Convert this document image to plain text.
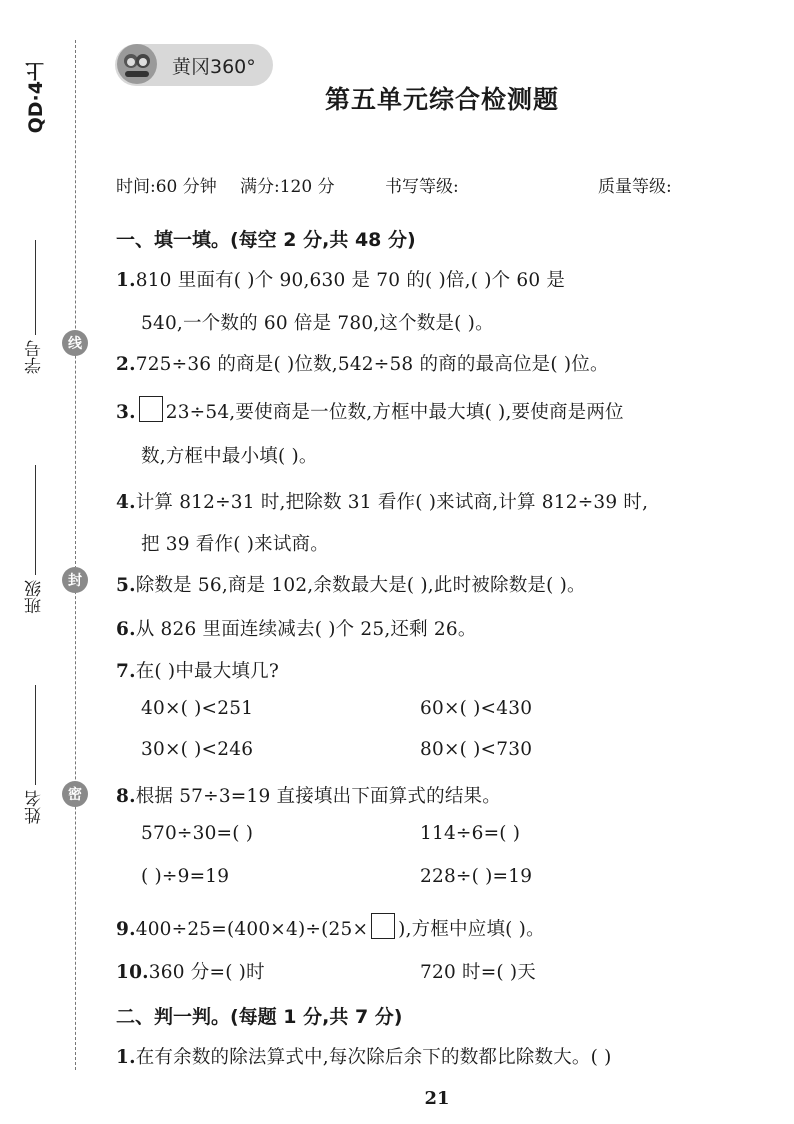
QD·4上
学号
班级
姓名
线
封
密
黄冈360°
第五单元综合检测题
时间:60 分钟 满分:120 分	书写等级:	质量等级:
一、填一填。(每空 2 分,共 48 分)
1.810 里面有( )个 90,630 是 70 的( )倍,( )个 60 是
540,一个数的 60 倍是 780,这个数是( )。
2.725÷36 的商是( )位数,542÷58 的商的最高位是( )位。
3. 23÷54,要使商是一位数,方框中最大填( ),要使商是两位
数,方框中最小填( )。
4.计算 812÷31 时,把除数 31 看作( )来试商,计算 812÷39 时,
把 39 看作( )来试商。
5.除数是 56,商是 102,余数最大是( ),此时被除数是( )。
6.从 826 里面连续减去( )个 25,还剩 26。
7.在( )中最大填几?
40×( )<251	60×( )<430
30×( )<246	80×( )<730
8.根据 57÷3=19 直接填出下面算式的结果。
570÷30=( )	114÷6=( )
( )÷9=19	228÷( )=19
9.400÷25=(400×4)÷(25× ),方框中应填( )。
10.360 分=( )时	720 时=( )天
二、判一判。(每题 1 分,共 7 分)
1.在有余数的除法算式中,每次除后余下的数都比除数大。( )
21
